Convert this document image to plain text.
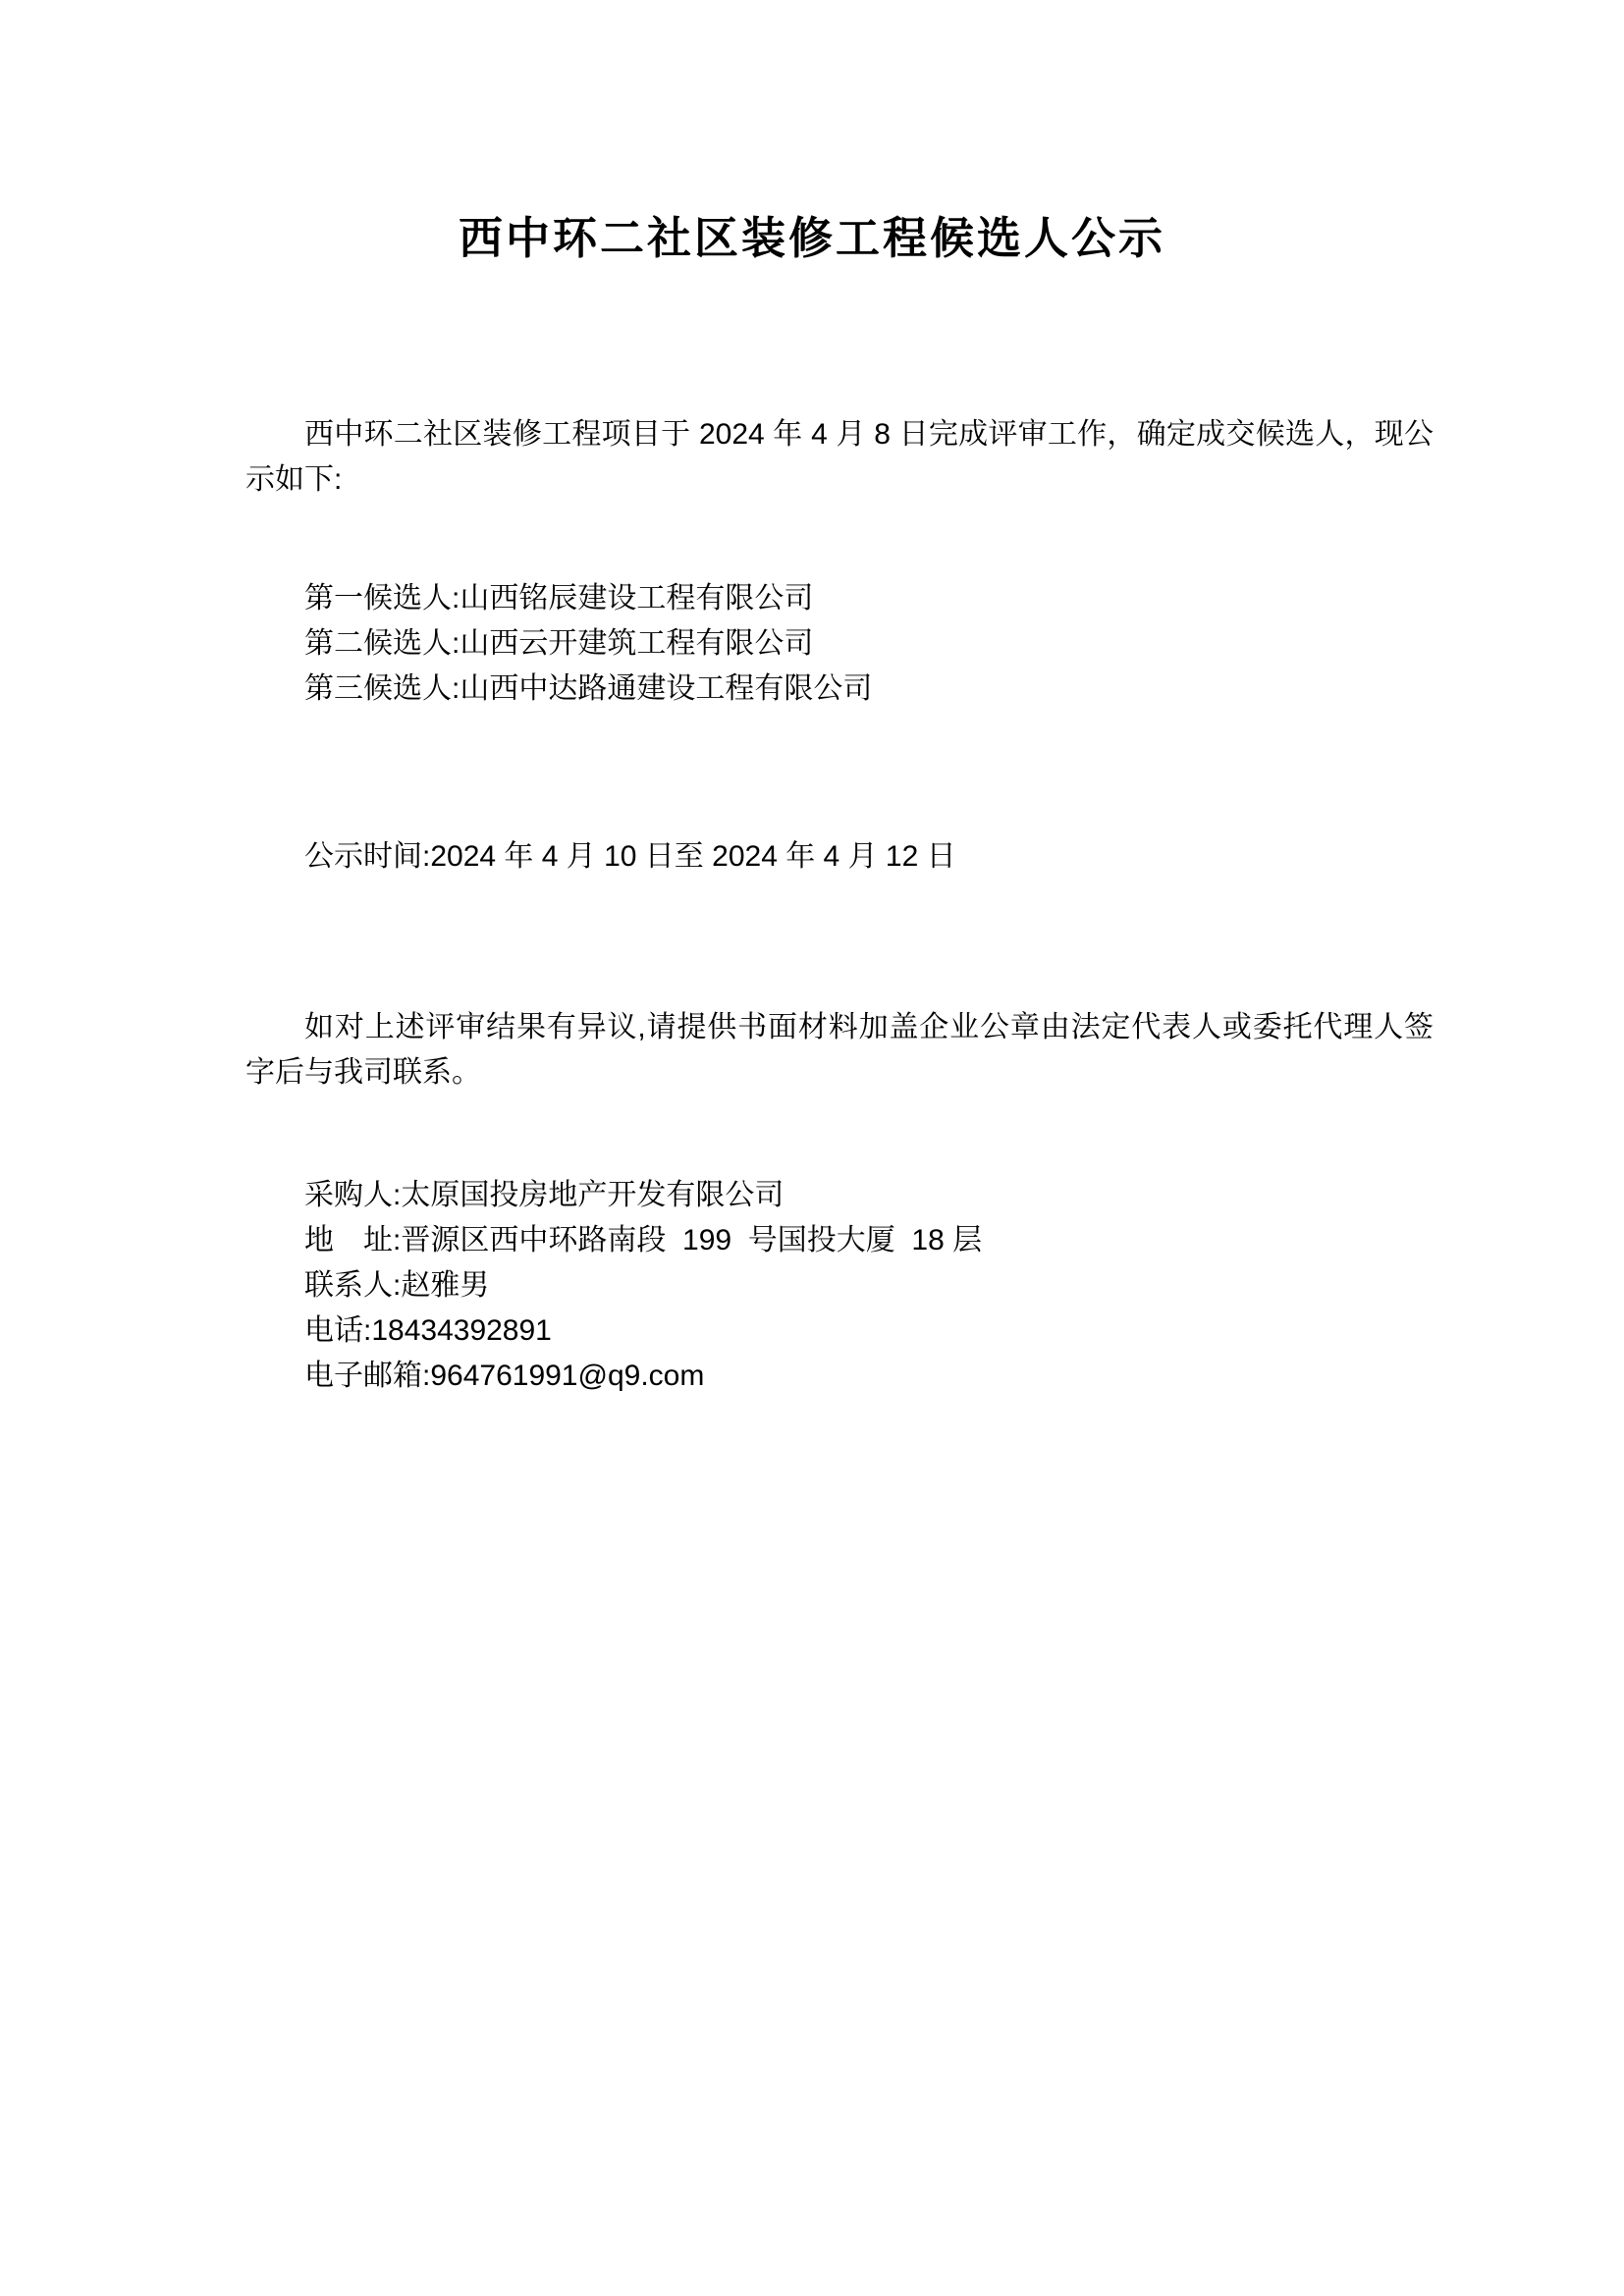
西中环二社区装修工程候选人公示

西中环二社区装修工程项目于 2024 年 4 月 8 日完成评审工作，确定成交候选人，现公
示如下:

第一候选人:山西铭辰建设工程有限公司
第二候选人:山西云开建筑工程有限公司
第三候选人:山西中达路通建设工程有限公司

公示时间:2024 年 4 月 10 日至 2024 年 4 月 12 日

如对上述评审结果有异议,请提供书面材料加盖企业公章由法定代表人或委托代理人签
字后与我司联系。

采购人:太原国投房地产开发有限公司
地　址:晋源区西中环路南段  199  号国投大厦  18 层
联系人:赵雅男
电话:18434392891
电子邮箱:964761991@q9.com
